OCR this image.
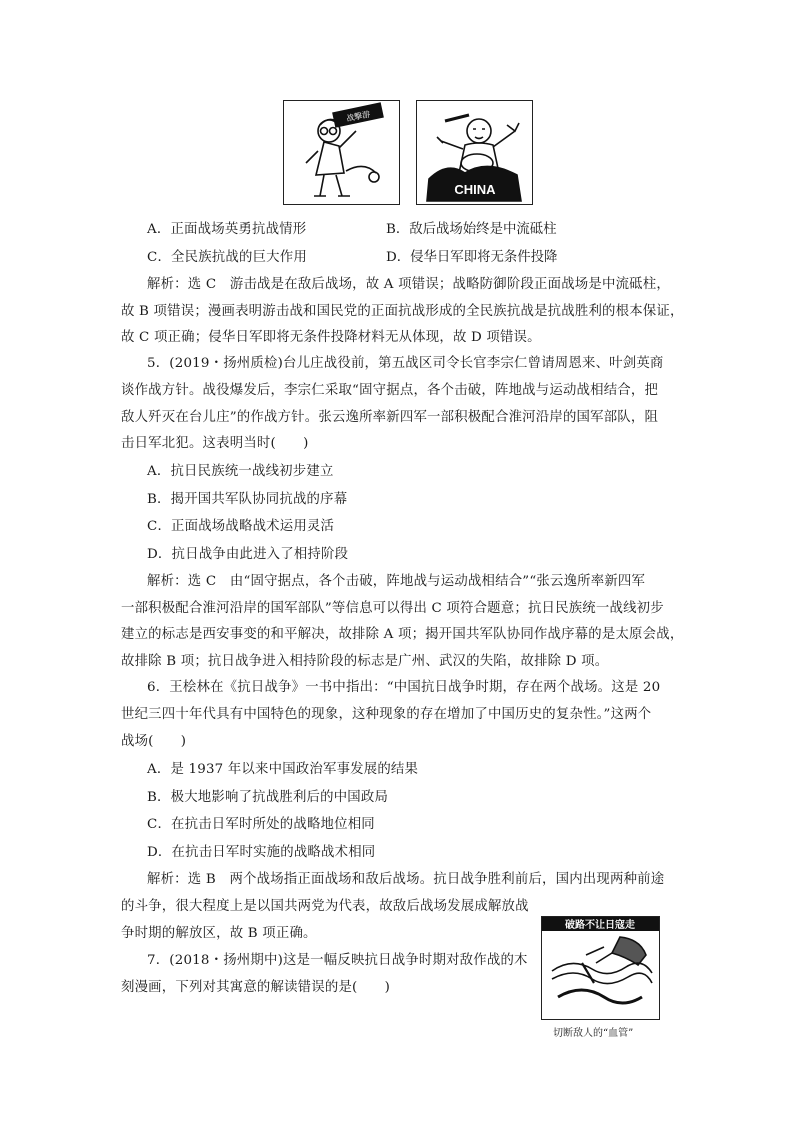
战擊游
CHINA
A．正面战场英勇抗战情形	B．敌后战场始终是中流砥柱
C．全民族抗战的巨大作用	D．侵华日军即将无条件投降
解析：选 C　游击战是在敌后战场，故 A 项错误；战略防御阶段正面战场是中流砥柱，
故 B 项错误；漫画表明游击战和国民党的正面抗战形成的全民族抗战是抗战胜利的根本保证，
故 C 项正确；侵华日军即将无条件投降材料无从体现，故 D 项错误。
5．(2019・扬州质检)台儿庄战役前，第五战区司令长官李宗仁曾请周恩来、叶剑英商
谈作战方针。战役爆发后，李宗仁采取“固守据点，各个击破，阵地战与运动战相结合，把
敌人歼灭在台儿庄”的作战方针。张云逸所率新四军一部积极配合淮河沿岸的国军部队，阻
击日军北犯。这表明当时(　　)
A．抗日民族统一战线初步建立
B．揭开国共军队协同抗战的序幕
C．正面战场战略战术运用灵活
D．抗日战争由此进入了相持阶段
解析：选 C　由“固守据点，各个击破，阵地战与运动战相结合”“张云逸所率新四军
一部积极配合淮河沿岸的国军部队”等信息可以得出 C 项符合题意；抗日民族统一战线初步
建立的标志是西安事变的和平解决，故排除 A 项；揭开国共军队协同作战序幕的是太原会战，
故排除 B 项；抗日战争进入相持阶段的标志是广州、武汉的失陷，故排除 D 项。
6．王桧林在《抗日战争》一书中指出：“中国抗日战争时期，存在两个战场。这是 20
世纪三四十年代具有中国特色的现象，这种现象的存在增加了中国历史的复杂性。”这两个
战场(　　)
A．是 1937 年以来中国政治军事发展的结果
B．极大地影响了抗战胜利后的中国政局
C．在抗击日军时所处的战略地位相同
D．在抗击日军时实施的战略战术相同
解析：选 B　两个战场指正面战场和敌后战场。抗日战争胜利前后，国内出现两种前途
的斗争，很大程度上是以国共两党为代表，故敌后战场发展成解放战
争时期的解放区，故 B 项正确。
7．(2018・扬州期中)这是一幅反映抗日战争时期对敌作战的木
刻漫画，下列对其寓意的解读错误的是(　　)
破路不让日寇走
切断敌人的“血管”
